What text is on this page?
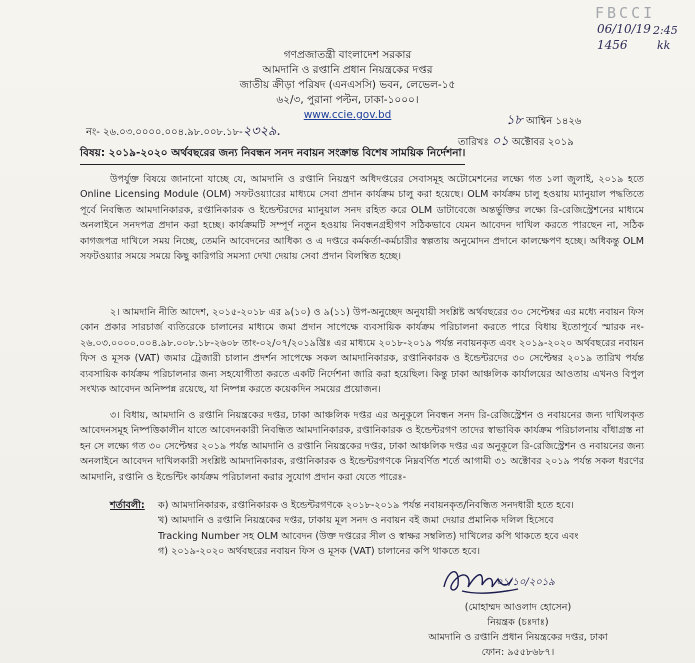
গণপ্রজাতন্ত্রী বাংলাদেশ সরকার
আমদানি ও রপ্তানি প্রধান নিয়ন্ত্রকের দপ্তর
জাতীয় ক্রীড়া পরিষদ (এনএসসি) ভবন, লেভেল-১৫
৬২/৩, পুরানা পল্টন, ঢাকা-১০০০।
www.ccie.gov.bd
FBCCI
06/10/19 2:45
1456	kk
নং- ২৬.০৩.০০০০.০০৪.৯৮.০০৮.১৮-২৩২৯.
১৮ আশ্বিন ১৪২৬
তারিখঃ ০১ অক্টোবর ২০১৯
বিষয়: ২০১৯-২০২০ অর্থবছরের জন্য নিবন্ধন সনদ নবায়ন সংক্রান্ত বিশেষ সাময়িক নির্দেশনা।
উপর্যুক্ত বিষয়ে জানানো যাচ্ছে যে, আমদানি ও রপ্তানি নিয়ন্ত্রণ অধিদপ্তরের সেবাসমূহ অটোমেশনের লক্ষ্যে গত ১লা জুলাই, ২০১৯ হতে Online Licensing Module (OLM) সফটওয়্যারের মাধ্যমে সেবা প্রদান কার্যক্রম চালু করা হয়েছে। OLM কার্যক্রম চালু হওয়ায় ম্যানুয়াল পদ্ধতিতে পূর্বে নিবন্ধিত আমদানিকারক, রপ্তানিকারক ও ইন্ডেন্টরদের ম্যানুয়াল সনদ রহিত করে OLM ডাটাবেজে অন্তর্ভুক্তির লক্ষ্যে রি-রেজিস্ট্রেশনের মাধ্যমে অনলাইনে সনদপত্র প্রদান করা হচ্ছে। কার্যক্রমটি সম্পূর্ণ নতুন হওয়ায় নিবন্ধনগ্রহীগণ সঠিকভাবে যেমন আবেদন দাখিল করতে পারছেন না, সঠিক কাগজপত্র দাখিলে সময় নিচ্ছে, তেমনি আবেদনের আধিক্য ও এ দপ্তরে কর্মকর্তা-কর্মচারীর স্বল্পতায় অনুমোদন প্রদানে কালক্ষেপণ হচ্ছে। অধিকন্তু OLM সফটওয়্যার সময়ে সময়ে কিছু কারিগরি সমস্যা দেখা দেয়ায় সেবা প্রদান বিলম্বিত হচ্ছে।
২। আমদানি নীতি আদেশ, ২০১৫-২০১৮ এর ৯(১০) ও ৯(১১) উপ-অনুচ্ছেদ অনুযায়ী সংশ্লিষ্ট অর্থবছরের ৩০ সেপ্টেম্বর এর মধ্যে নবায়ন ফিস কোন প্রকার সারচার্জ ব্যতিরেকে চালানের মাধ্যমে জমা প্রদান সাপেক্ষে ব্যবসায়িক কার্যক্রম পরিচালনা করতে পারে বিধায় ইতোপূর্বে স্মারক নং- ২৬.০৩.০০০০.০০৪.৯৮.০০৮.১৮-২৬০৮ তাং-০২/০৭/২০১৯খ্রিঃ এর মাধ্যমে ২০১৮-২০১৯ পর্যন্ত নবায়নকৃত এবং ২০১৯-২০২০ অর্থবছরের নবায়ন ফিস ও মূসক (VAT) জমার ট্রেজারী চালান প্রদর্শন সাপেক্ষে সকল আমদানিকারক, রপ্তানিকারক ও ইন্ডেন্টরদের ৩০ সেপ্টেম্বর ২০১৯ তারিখ পর্যন্ত ব্যবসায়িক কার্যক্রম পরিচালনার জন্য সহযোগীতা করতে একটি নির্দেশনা জারি করা হয়েছিল। কিন্তু ঢাকা আঞ্চলিক কার্যালয়ের আওতায় এখনও বিপুল সংখ্যক আবেদন অনিষ্পন্ন রয়েছে, যা নিষ্পন্ন করতে কয়েকদিন সময়ের প্রয়োজন।
৩। বিধায়, আমদানি ও রপ্তানি নিয়ন্ত্রকের দপ্তর, ঢাকা আঞ্চলিক দপ্তর এর অনুকূলে নিবন্ধন সনদ রি-রেজিস্ট্রেশন ও নবায়নের জন্য দাখিলকৃত আবেদনসমূহ নিষ্পত্তিকালীন যাতে আবেদনকারী নিবন্ধিত আমদানিকারক, রপ্তানিকারক ও ইন্ডেন্টরগণ তাদের স্বাভাবিক কার্যক্রম পরিচালনায় বাঁধাগ্রস্ত না হন সে লক্ষ্যে গত ৩০ সেপ্টেম্বর ২০১৯ পর্যন্ত আমদানি ও রপ্তানি নিয়ন্ত্রকের দপ্তর, ঢাকা আঞ্চলিক দপ্তর এর অনুকূলে রি-রেজিস্ট্রেশন ও নবায়নের জন্য অনলাইনে আবেদন দাখিলকারী সংশ্লিষ্ট আমদানিকারক, রপ্তানিকারক ও ইন্ডেন্টরগণকে নিম্নবর্ণিত শর্তে আগামী ৩১ অক্টোবর ২০১৯ পর্যন্ত সকল ধরণের আমদানি, রপ্তানি ও ইন্ডেন্টিং কার্যক্রম পরিচালনা করার সুযোগ প্রদান করা যেতে পারেঃ-
শর্তাবলী: ক) আমদানিকারক, রপ্তানিকারক ও ইন্ডেন্টরগণকে ২০১৮-২০১৯ পর্যন্ত নবায়নকৃত/নিবন্ধিত সনদধারী হতে হবে।
খ) আমদানি ও রপ্তানি নিয়ন্ত্রকের দপ্তর, ঢাকায় মূল সনদ ও নবায়ন বই জমা দেয়ার প্রমানিক দলিল হিসেবে
Tracking Number সহ OLM আবেদন (উক্ত দপ্তরের সীল ও স্বাক্ষর সম্বলিত) দাখিলের কপি থাকতে হবে এবং
গ) ২০১৯-২০২০ অর্থবছরের নবায়ন ফিস ও মূসক (VAT) চালানের কপি থাকতে হবে।
০১/১০/২০১৯
(মোহাম্মদ আওলাদ হোসেন)
নিয়ন্ত্রক (চঃদাঃ)
আমদানি ও রপ্তানি প্রধান নিয়ন্ত্রকের দপ্তর, ঢাকা
ফোন: ৯৫৫৮৬৮৭।
